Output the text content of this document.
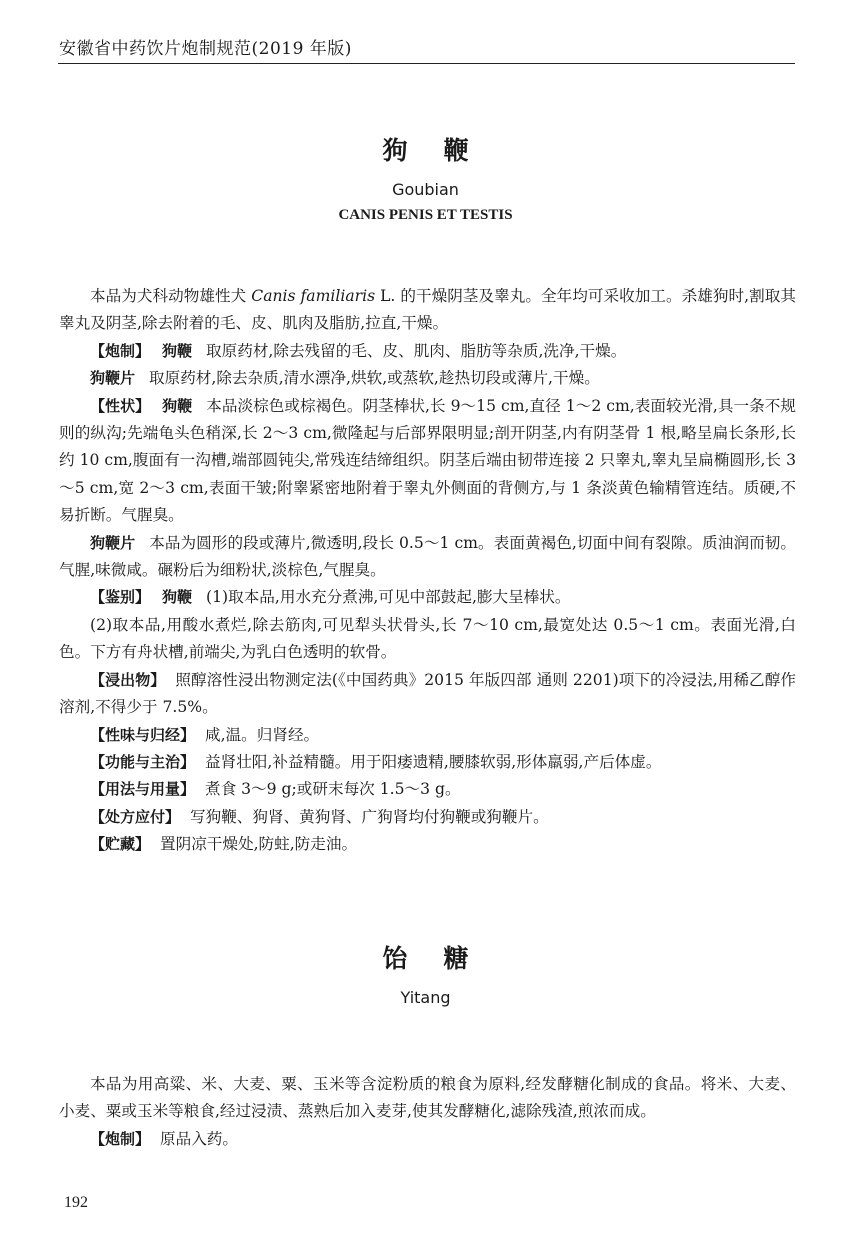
安徽省中药饮片炮制规范(2019 年版)
狗鞭
Goubian
CANIS PENIS ET TESTIS

本品为犬科动物雄性犬 Canis familiaris L. 的干燥阴茎及睾丸。全年均可采收加工。杀雄狗时,割取其睾丸及阴茎,除去附着的毛、皮、肌肉及脂肪,拉直,干燥。

【炮制】 狗鞭 取原药材,除去残留的毛、皮、肌肉、脂肪等杂质,洗净,干燥。

狗鞭片 取原药材,除去杂质,清水漂净,烘软,或蒸软,趁热切段或薄片,干燥。

【性状】 狗鞭 本品淡棕色或棕褐色。阴茎棒状,长 9～15 cm,直径 1～2 cm,表面较光滑,具一条不规则的纵沟;先端龟头色稍深,长 2～3 cm,微隆起与后部界限明显;剖开阴茎,内有阴茎骨 1 根,略呈扁长条形,长约 10 cm,腹面有一沟槽,端部圆钝尖,常残连结缔组织。阴茎后端由韧带连接 2 只睾丸,睾丸呈扁椭圆形,长 3～5 cm,宽 2～3 cm,表面干皱;附睾紧密地附着于睾丸外侧面的背侧方,与 1 条淡黄色输精管连结。质硬,不易折断。气腥臭。

狗鞭片 本品为圆形的段或薄片,微透明,段长 0.5～1 cm。表面黄褐色,切面中间有裂隙。质油润而韧。气腥,味微咸。碾粉后为细粉状,淡棕色,气腥臭。

【鉴别】 狗鞭 (1)取本品,用水充分煮沸,可见中部鼓起,膨大呈棒状。

(2)取本品,用酸水煮烂,除去筋肉,可见犁头状骨头,长 7～10 cm,最宽处达 0.5～1 cm。表面光滑,白色。下方有舟状槽,前端尖,为乳白色透明的软骨。

【浸出物】 照醇溶性浸出物测定法(《中国药典》2015 年版四部 通则 2201)项下的冷浸法,用稀乙醇作溶剂,不得少于 7.5%。

【性味与归经】 咸,温。归肾经。

【功能与主治】 益肾壮阳,补益精髓。用于阳痿遗精,腰膝软弱,形体羸弱,产后体虚。

【用法与用量】 煮食 3～9 g;或研末每次 1.5～3 g。

【处方应付】 写狗鞭、狗肾、黄狗肾、广狗肾均付狗鞭或狗鞭片。

【贮藏】 置阴凉干燥处,防蛀,防走油。

饴糖
Yitang

本品为用高粱、米、大麦、粟、玉米等含淀粉质的粮食为原料,经发酵糖化制成的食品。将米、大麦、小麦、粟或玉米等粮食,经过浸渍、蒸熟后加入麦芽,使其发酵糖化,滤除残渣,煎浓而成。

【炮制】 原品入药。

192
